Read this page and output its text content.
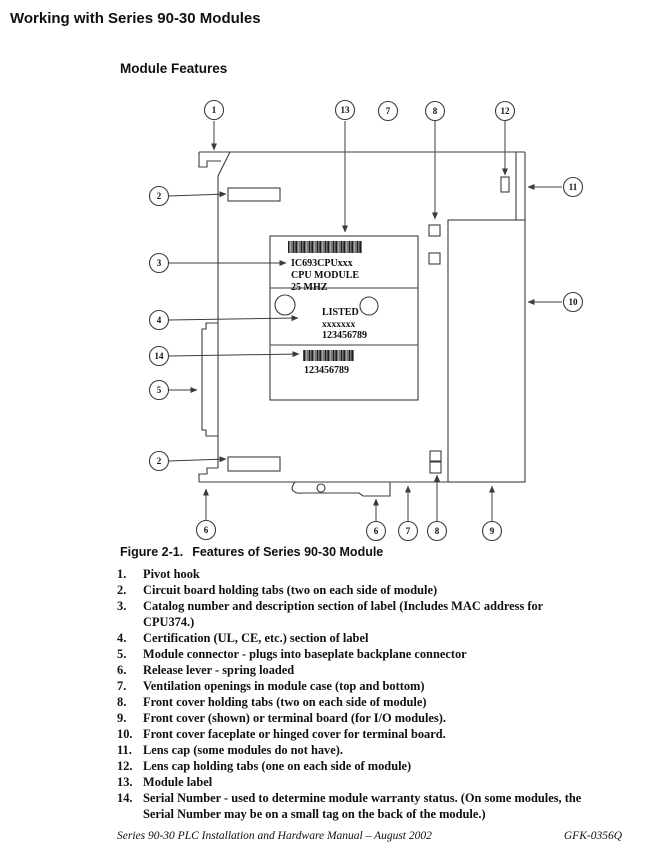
Working with Series 90-30 Modules
Module Features
IC693CPUxxx
CPU MODULE
25 MHZ
LISTED
xxxxxxx
123456789
123456789
1	13	7	8	12
11
10
2
3
4
14
5
2
6	6	7	8	9
Figure 2-1. Features of Series 90-30 Module
1.	Pivot hook
2.	Circuit board holding tabs (two on each side of module)
3.	Catalog number and description section of label (Includes MAC address for CPU374.)
4.	Certification (UL, CE, etc.) section of label
5.	Module connector - plugs into baseplate backplane connector
6.	Release lever - spring loaded
7.	Ventilation openings in module case (top and bottom)
8.	Front cover holding tabs (two on each side of module)
9.	Front cover (shown) or terminal board (for I/O modules).
10. Front cover faceplate or hinged cover for terminal board.
11. Lens cap (some modules do not have).
12. Lens cap holding tabs (one on each side of module)
13. Module label
14. Serial Number - used to determine module warranty status. (On some modules, the Serial Number may be on a small tag on the back of the module.)
Series 90-30 PLC Installation and Hardware Manual – August 2002	GFK-0356Q
